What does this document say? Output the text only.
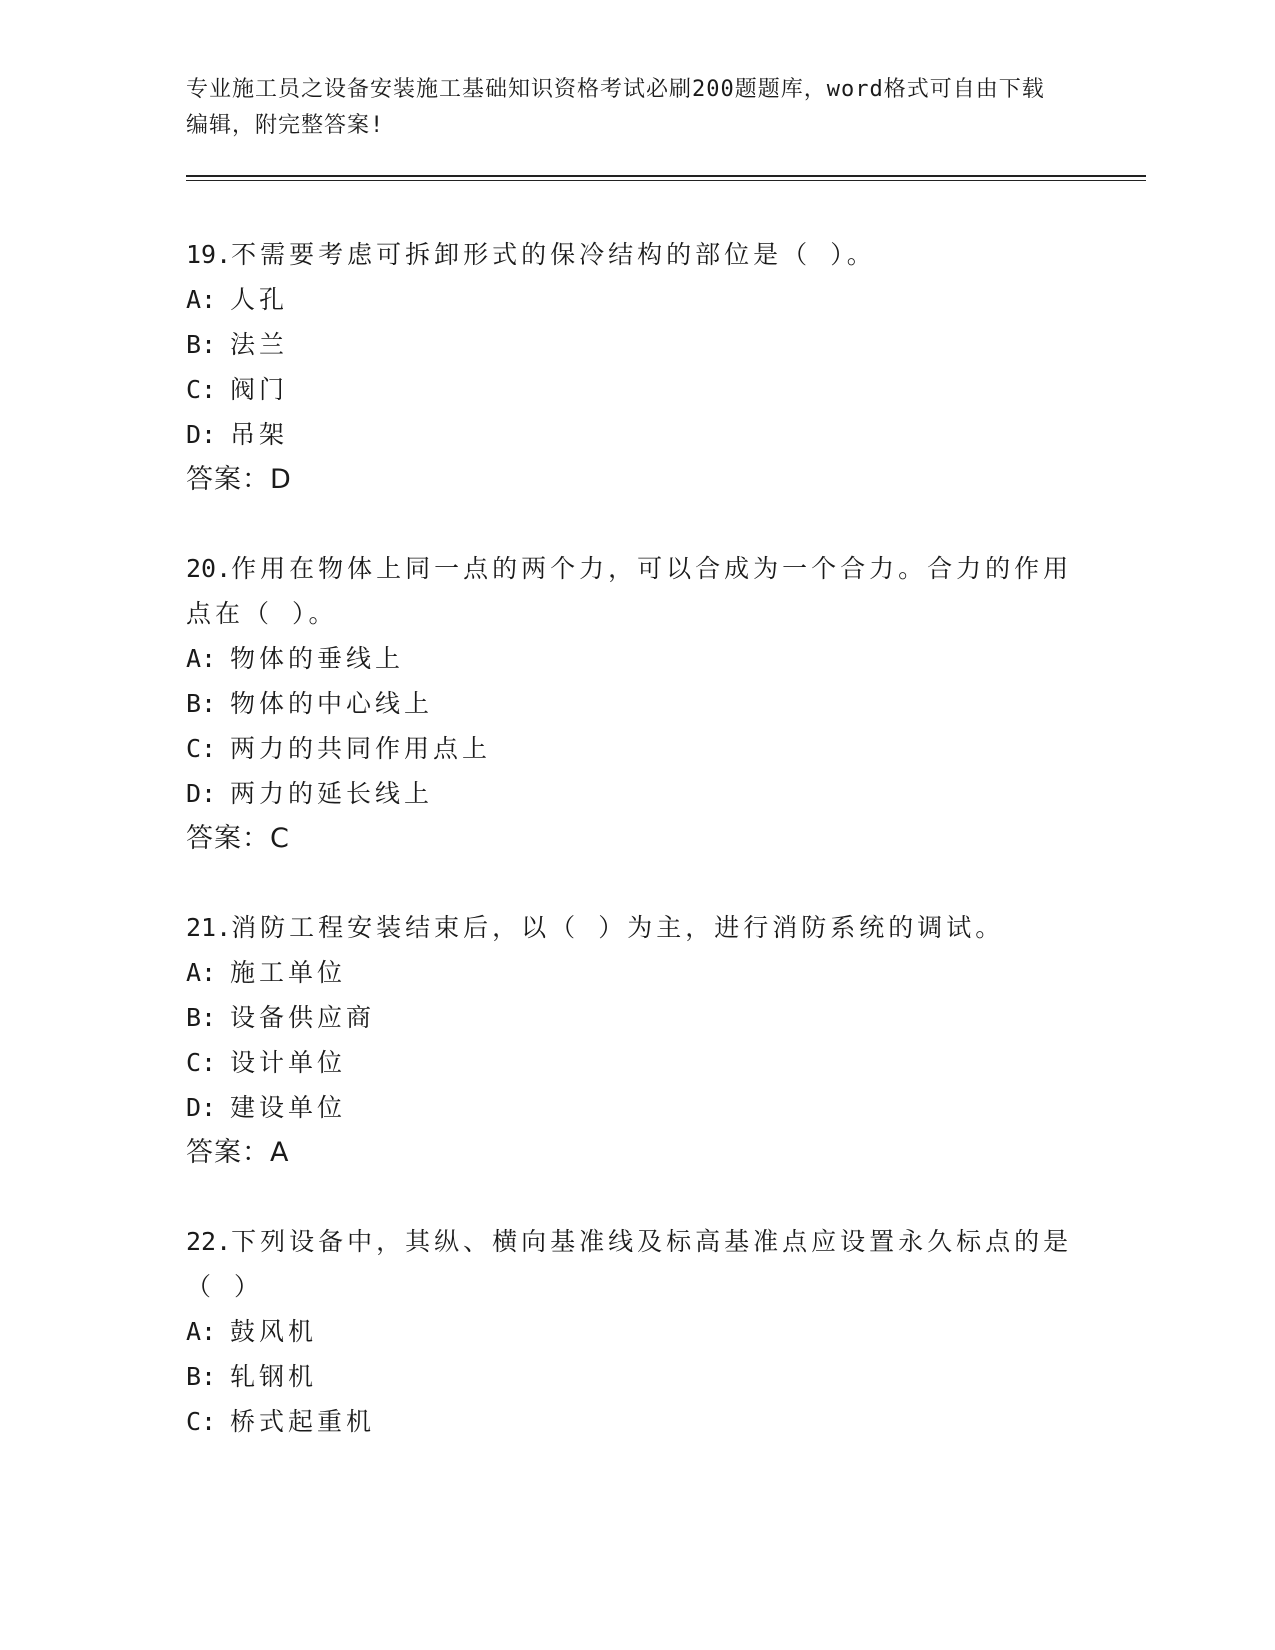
专业施工员之设备安装施工基础知识资格考试必刷200题题库，word格式可自由下载编辑，附完整答案!

19.不需要考虑可拆卸形式的保冷结构的部位是（ ）。

A: 人孔

B: 法兰

C: 阀门

D: 吊架

答案：D

20.作用在物体上同一点的两个力，可以合成为一个合力。合力的作用点在（ ）。

A: 物体的垂线上

B: 物体的中心线上

C: 两力的共同作用点上

D: 两力的延长线上

答案：C

21.消防工程安装结束后，以（ ）为主，进行消防系统的调试。

A: 施工单位

B: 设备供应商

C: 设计单位

D: 建设单位

答案：A

22.下列设备中，其纵、横向基准线及标高基准点应设置永久标点的是（ ）

A: 鼓风机

B: 轧钢机

C: 桥式起重机
